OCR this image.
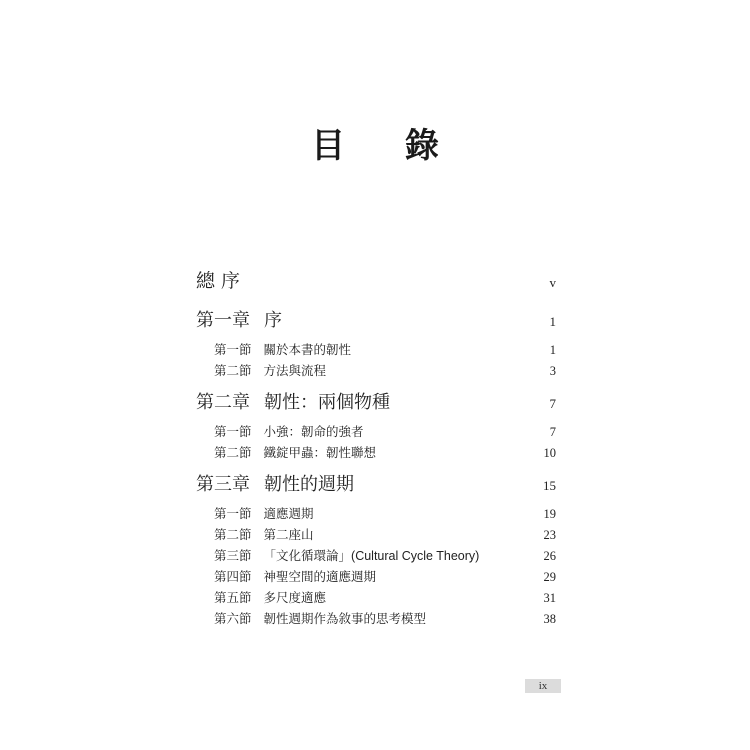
目 錄
總 序	v
第一章 序	1
第一節 關於本書的韌性	1
第二節 方法與流程	3
第二章 韌性：兩個物種	7
第一節 小強：韌命的強者	7
第二節 鐵錠甲蟲：韌性聯想	10
第三章 韌性的週期	15
第一節 適應週期	19
第二節 第二座山	23
第三節 「文化循環論」(Cultural Cycle Theory)	26
第四節 神聖空間的適應週期	29
第五節 多尺度適應	31
第六節 韌性週期作為敘事的思考模型	38
ix
